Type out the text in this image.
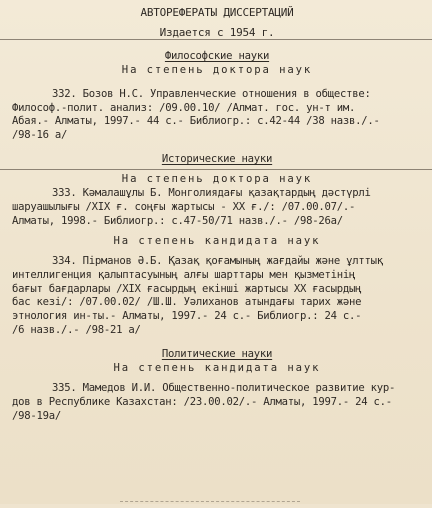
АВТОРЕФЕРАТЫ ДИССЕРТАЦИЙ
Издается с 1954 г.
Философские науки
На степень доктора наук
332. Бозов Н.С. Управленческие отношения в обществе:
Философ.-полит. анализ: /09.00.10/ /Алмат. гос. ун-т им.
Абая.- Алматы, 1997.- 44 с.- Библиогр.: с.42-44 /38 назв./.-
/98-16 а/
Исторические науки
На степень доктора наук
333. Кәмалашұлы Б. Монголиядағы қазақтардың дәстүрлі
шаруашылығы /XIX ғ. соңғы жартысы - XX ғ./: /07.00.07/.-
Алматы, 1998.- Библиогр.: с.47-50/71 назв./.- /98-26а/
На степень кандидата наук
334. Пірманов Ә.Б. Қазақ қоғамының жағдайы және ұлттық
интеллигенция қалыптасуының алғы шарттары мен қызметінің
бағыт бағдарлары /XIX ғасырдың екінші жартысы XX ғасырдың
бас кезі/: /07.00.02/ /Ш.Ш. Уәлиханов атындағы тарих және
этнология ин-ты.- Алматы, 1997.- 24 с.- Библиогр.: 24 с.-
/6 назв./.- /98-21 а/
Политические науки
На степень кандидата наук
335. Мамедов И.И. Общественно-политическое развитие кур-
дов в Республике Казахстан: /23.00.02/.- Алматы, 1997.- 24 с.-
/98-19а/
